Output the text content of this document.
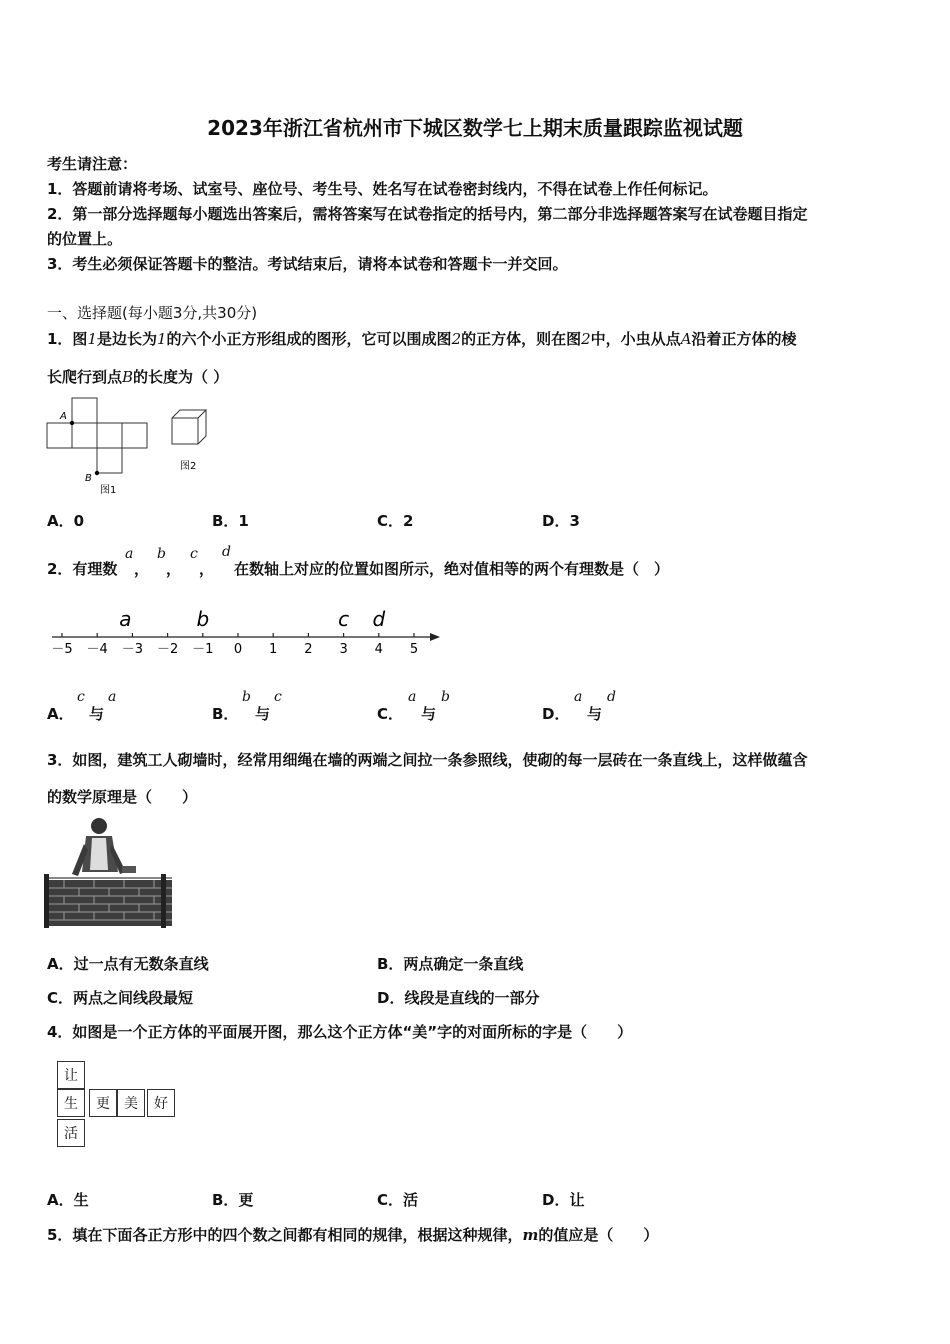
2023年浙江省杭州市下城区数学七上期末质量跟踪监视试题
考生请注意：
1．答题前请将考场、试室号、座位号、考生号、姓名写在试卷密封线内，不得在试卷上作任何标记。
2．第一部分选择题每小题选出答案后，需将答案写在试卷指定的括号内，第二部分非选择题答案写在试卷题目指定
的位置上。
3．考生必须保证答题卡的整洁。考试结束后，请将本试卷和答题卡一并交回。
一、选择题(每小题3分,共30分)
1．图1是边长为1的六个小正方形组成的图形，它可以围成图2的正方体，则在图2中，小虫从点A沿着正方体的棱
长爬行到点B的长度为（ ）
A
B
图1
图2
A．0	B．1	C．2	D．3
2．有理数
a
，
b
，
c
，
d
在数轴上对应的位置如图所示，绝对值相等的两个有理数是（　）
－5 －4 －3 －2 －1 0 1 2 3 4 5
a	b	c d
A．
c
与
a
B．
b
与
c
C．
a
与
b
D．
a
与
d
3．如图，建筑工人砌墙时，经常用细绳在墙的两端之间拉一条参照线，使砌的每一层砖在一条直线上，这样做蕴含
的数学原理是（　　）
A．过一点有无数条直线	B．两点确定一条直线
C．两点之间线段最短	D．线段是直线的一部分
4．如图是一个正方体的平面展开图，那么这个正方体“美”字的对面所标的字是（　　）
让
生	更	美	好
活
A．生	B．更	C．活	D．让
5．填在下面各正方形中的四个数之间都有相同的规律，根据这种规律，m的值应是（　　）
